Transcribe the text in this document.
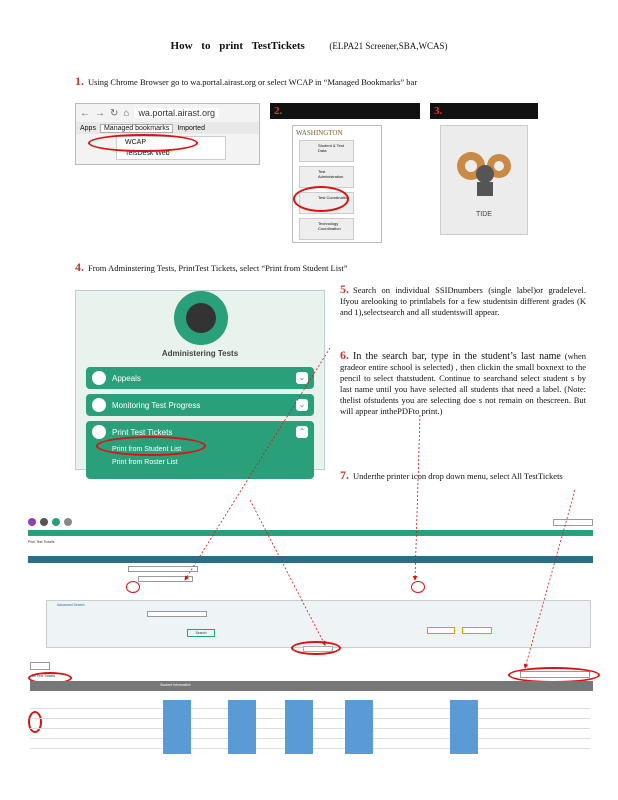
How to print TestTickets	(ELPA21 Screener,SBA,WCAS)
1. Using Chrome Browser go to wa.portal.airast.org or select WCAP in “Managed Bookmarks” bar
← → ↻ ⌂	wa.portal.airast.org
Apps	Managed bookmarks	Imported
WCAP
TelsDesk Web
2.
WASHINGTON
Student & Test Data
Test Administration
Test Coordination
Technology Coordination
3.
TIDE
4. From Adminstering Tests, PrintTest Tickets, select “Print from Student List”
Administering Tests
Appeals	⌄
Monitoring Test Progress	⌄
Print Test Tickets	⌃
Print from Student List
Print from Roster List
5. Search on individual SSIDnumbers (single label)or gradelevel. Ifyou arelooking to printlabels for a few studentsin different grades (K and 1),selectsearch and all studentswill appear.
6. In the search bar, type in the student’s last name (when gradeor entire school is selected) , then clickin the small boxnext to the pencil to select thatstudent. Continue to searchand select student s by last name until you have selected all students that need a label. (Note: thelist ofstudents you are selecting doe s not remain on thescreen. But will appear inthePDFto print.)
7. Underthe printer icon drop down menu, select All TestTickets
Print Test Tickets
Search Students
Advanced Search
Search
All Test Tickets
Student Information
